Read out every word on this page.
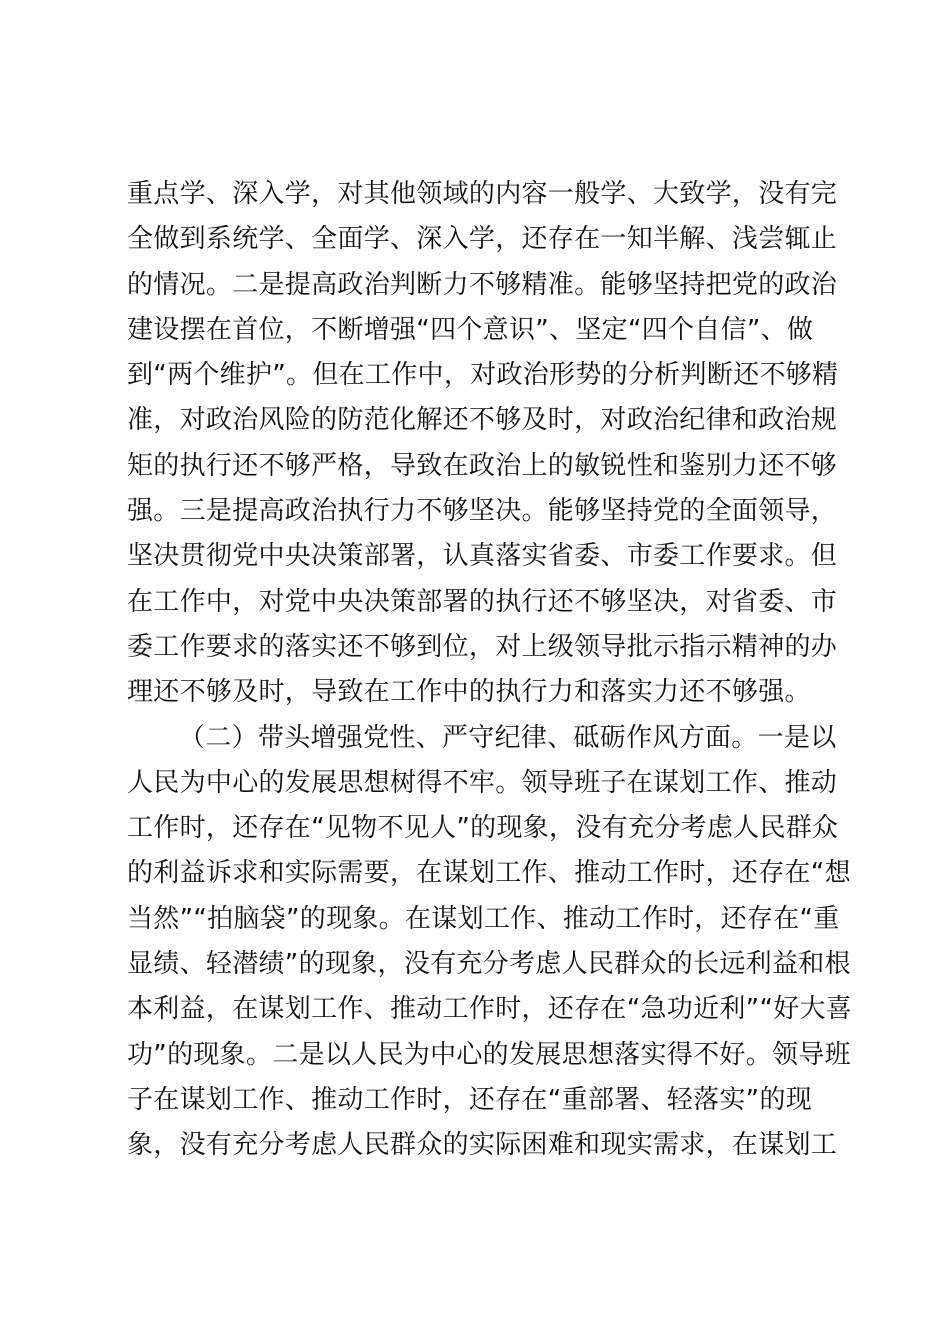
重点学、深入学，对其他领域的内容一般学、大致学，没有完
全做到系统学、全面学、深入学，还存在一知半解、浅尝辄止
的情况。二是提高政治判断力不够精准。能够坚持把党的政治
建设摆在首位，不断增强“四个意识”、坚定“四个自信”、做
到“两个维护”。但在工作中，对政治形势的分析判断还不够精
准，对政治风险的防范化解还不够及时，对政治纪律和政治规
矩的执行还不够严格，导致在政治上的敏锐性和鉴别力还不够
强。三是提高政治执行力不够坚决。能够坚持党的全面领导，
坚决贯彻党中央决策部署，认真落实省委、市委工作要求。但
在工作中，对党中央决策部署的执行还不够坚决，对省委、市
委工作要求的落实还不够到位，对上级领导批示指示精神的办
理还不够及时，导致在工作中的执行力和落实力还不够强。
（二）带头增强党性、严守纪律、砥砺作风方面。一是以
人民为中心的发展思想树得不牢。领导班子在谋划工作、推动
工作时，还存在“见物不见人”的现象，没有充分考虑人民群众
的利益诉求和实际需要，在谋划工作、推动工作时，还存在“想
当然”“拍脑袋”的现象。在谋划工作、推动工作时，还存在“重
显绩、轻潜绩”的现象，没有充分考虑人民群众的长远利益和根
本利益，在谋划工作、推动工作时，还存在“急功近利”“好大喜
功”的现象。二是以人民为中心的发展思想落实得不好。领导班
子在谋划工作、推动工作时，还存在“重部署、轻落实”的现
象，没有充分考虑人民群众的实际困难和现实需求，在谋划工
